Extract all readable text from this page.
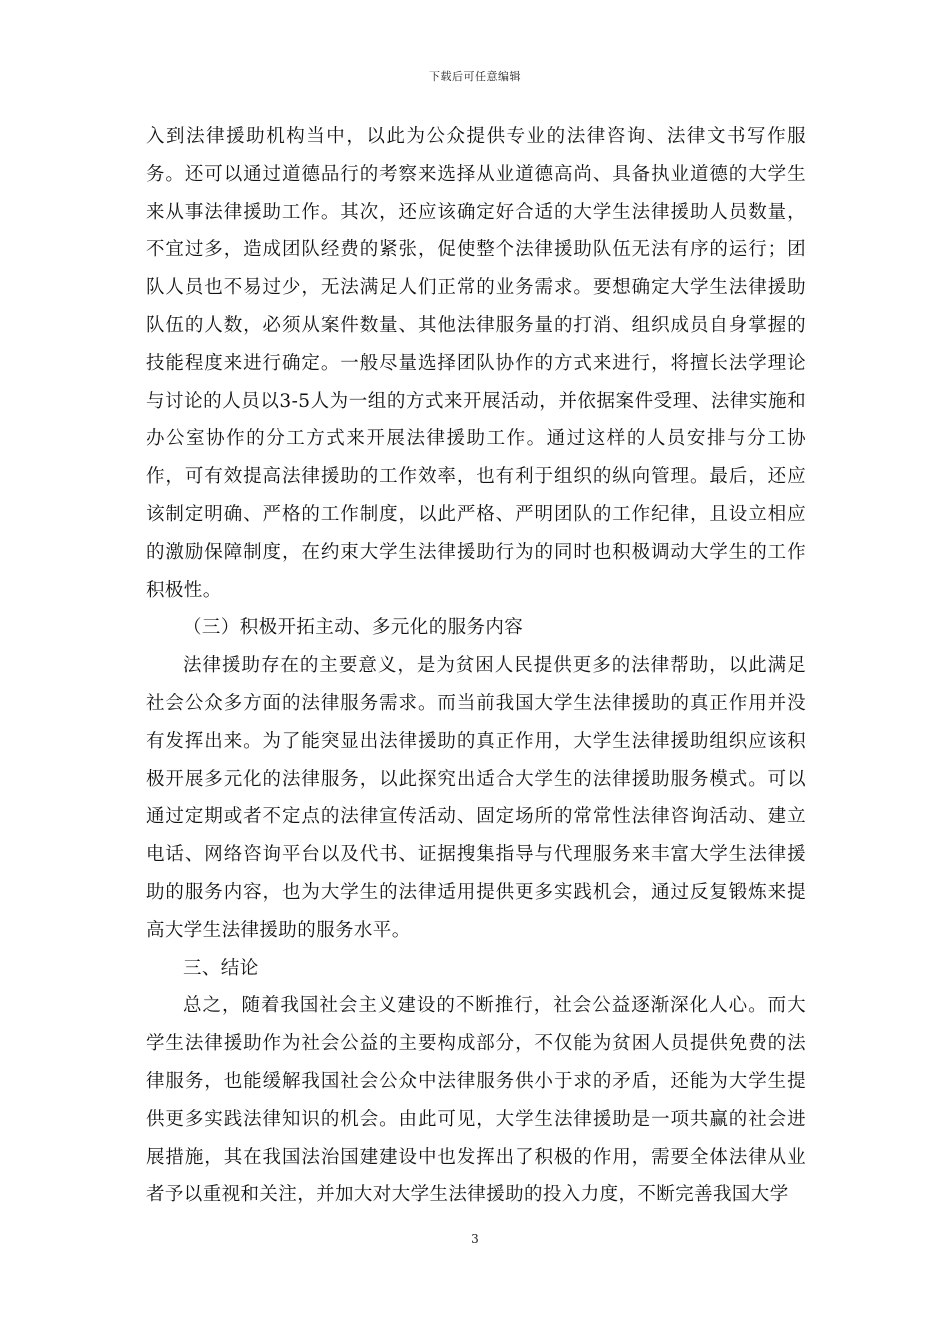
下载后可任意编辑

入到法律援助机构当中，以此为公众提供专业的法律咨询、法律文书写作服务。还可以通过道德品行的考察来选择从业道德高尚、具备执业道德的大学生来从事法律援助工作。其次，还应该确定好合适的大学生法律援助人员数量，不宜过多，造成团队经费的紧张，促使整个法律援助队伍无法有序的运行；团队人员也不易过少，无法满足人们正常的业务需求。要想确定大学生法律援助队伍的人数，必须从案件数量、其他法律服务量的打消、组织成员自身掌握的技能程度来进行确定。一般尽量选择团队协作的方式来进行，将擅长法学理论与讨论的人员以3-5人为一组的方式来开展活动，并依据案件受理、法律实施和办公室协作的分工方式来开展法律援助工作。通过这样的人员安排与分工协作，可有效提高法律援助的工作效率，也有利于组织的纵向管理。最后，还应该制定明确、严格的工作制度，以此严格、严明团队的工作纪律，且设立相应的激励保障制度，在约束大学生法律援助行为的同时也积极调动大学生的工作积极性。

（三）积极开拓主动、多元化的服务内容

法律援助存在的主要意义，是为贫困人民提供更多的法律帮助，以此满足社会公众多方面的法律服务需求。而当前我国大学生法律援助的真正作用并没有发挥出来。为了能突显出法律援助的真正作用，大学生法律援助组织应该积极开展多元化的法律服务，以此探究出适合大学生的法律援助服务模式。可以通过定期或者不定点的法律宣传活动、固定场所的常常性法律咨询活动、建立电话、网络咨询平台以及代书、证据搜集指导与代理服务来丰富大学生法律援助的服务内容，也为大学生的法律适用提供更多实践机会，通过反复锻炼来提高大学生法律援助的服务水平。

三、结论

总之，随着我国社会主义建设的不断推行，社会公益逐渐深化人心。而大学生法律援助作为社会公益的主要构成部分，不仅能为贫困人员提供免费的法律服务，也能缓解我国社会公众中法律服务供小于求的矛盾，还能为大学生提供更多实践法律知识的机会。由此可见，大学生法律援助是一项共赢的社会进展措施，其在我国法治国建建设中也发挥出了积极的作用，需要全体法律从业者予以重视和关注，并加大对大学生法律援助的投入力度，不断完善我国大学

3
